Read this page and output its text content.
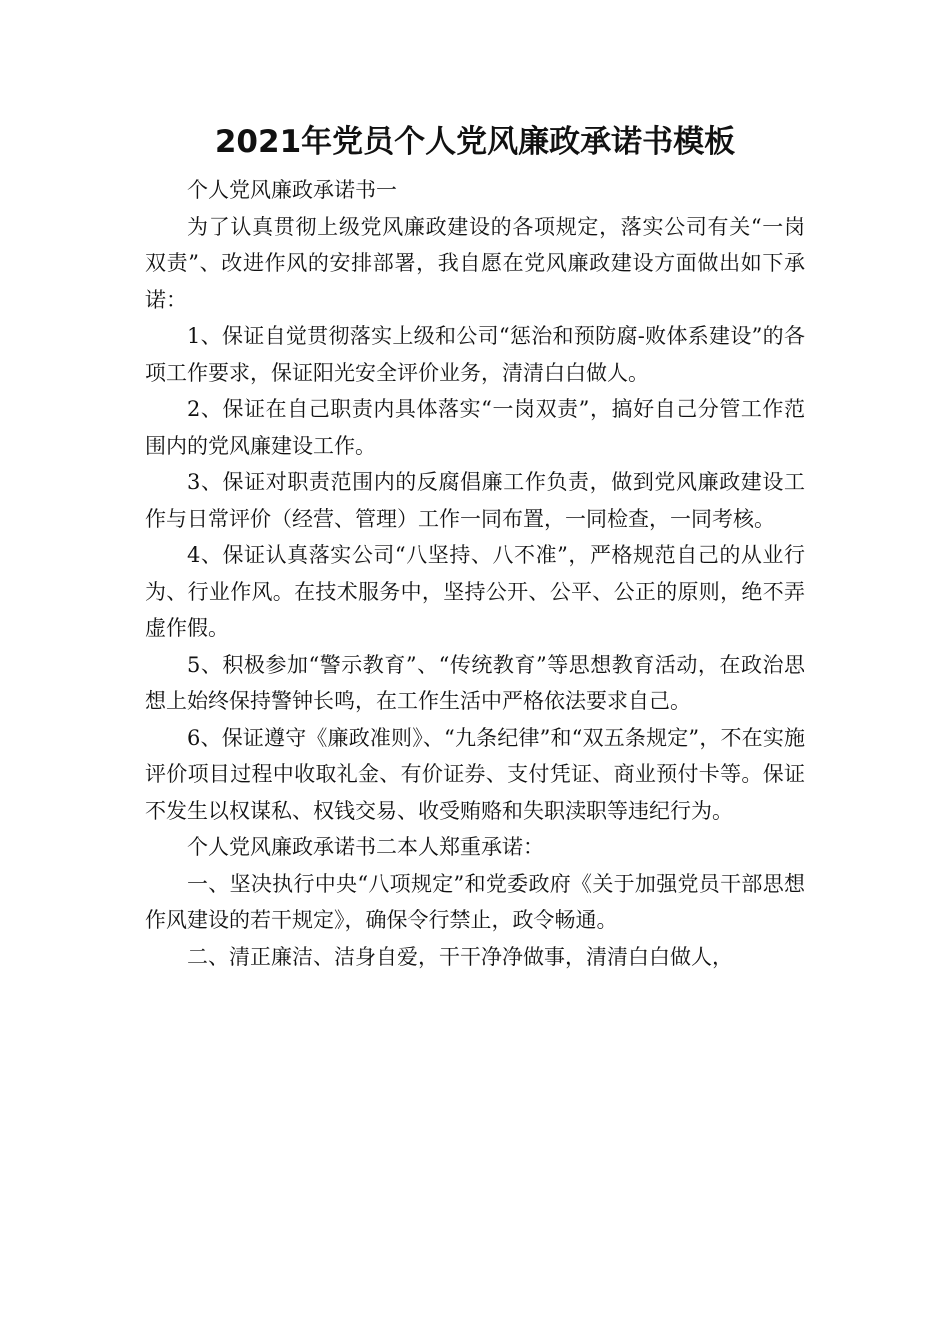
2021年党员个人党风廉政承诺书模板

个人党风廉政承诺书一

为了认真贯彻上级党风廉政建设的各项规定，落实公司有关“一岗双责”、改进作风的安排部署，我自愿在党风廉政建设方面做出如下承诺：

1、保证自觉贯彻落实上级和公司“惩治和预防腐-败体系建设”的各项工作要求，保证阳光安全评价业务，清清白白做人。

2、保证在自己职责内具体落实“一岗双责”，搞好自己分管工作范围内的党风廉建设工作。

3、保证对职责范围内的反腐倡廉工作负责，做到党风廉政建设工作与日常评价（经营、管理）工作一同布置，一同检查，一同考核。

4、保证认真落实公司“八坚持、八不准”，严格规范自己的从业行为、行业作风。在技术服务中，坚持公开、公平、公正的原则，绝不弄虚作假。

5、积极参加“警示教育”、“传统教育”等思想教育活动，在政治思想上始终保持警钟长鸣，在工作生活中严格依法要求自己。

6、保证遵守《廉政准则》、“九条纪律”和“双五条规定”，不在实施评价项目过程中收取礼金、有价证券、支付凭证、商业预付卡等。保证不发生以权谋私、权钱交易、收受贿赂和失职渎职等违纪行为。

个人党风廉政承诺书二本人郑重承诺：

一、坚决执行中央“八项规定”和党委政府《关于加强党员干部思想作风建设的若干规定》，确保令行禁止，政令畅通。

二、清正廉洁、洁身自爱，干干净净做事，清清白白做人，
